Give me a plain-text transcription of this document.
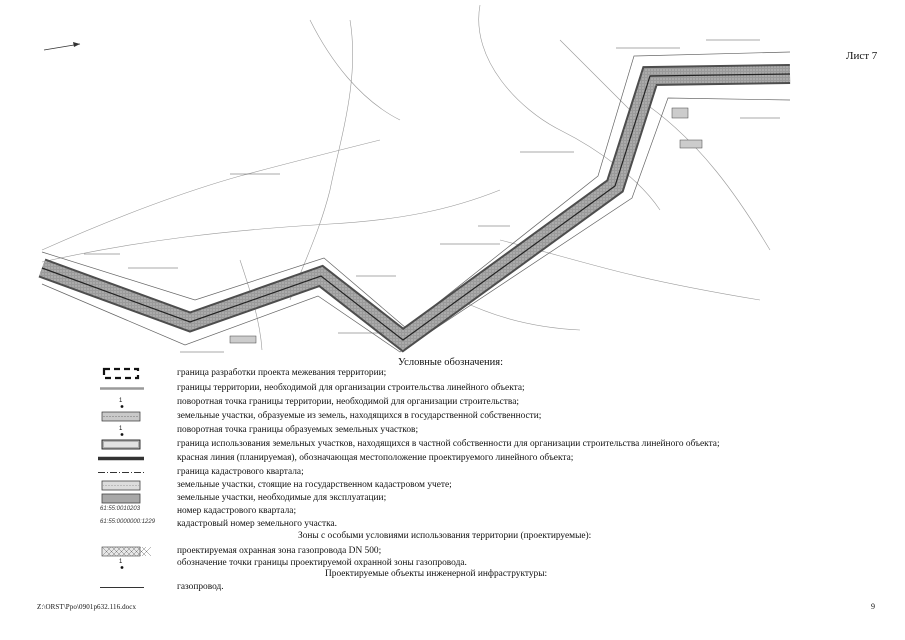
Лист 7
Условные обозначения:
граница разработки проекта межевания территории;
границы территории, необходимой для организации строительства линейного объекта;
1	поворотная точка границы территории, необходимой для организации строительства;
земельные участки, образуемые из земель, находящихся в государственной собственности;
1	поворотная точка границы образуемых земельных участков;
граница использования земельных участков, находящихся в частной собственности для организации строительства линейного объекта;
красная линия (планируемая), обозначающая местоположение проектируемого линейного объекта;
граница кадастрового квартала;
земельные участки, стоящие на государственном кадастровом учете;
земельные участки, необходимые для эксплуатации;
61:55:0010203	номер кадастрового квартала;
61:55:0000000:1229 кадастровый номер земельного участка.
Зоны с особыми условиями использования территории (проектируемые):
проектируемая охранная зона газопровода DN 500;
1	обозначение точки границы проектируемой охранной зоны газопровода.
Проектируемые объекты инженерной инфраструктуры:
газопровод.
Z:\ORST\Ppo\0901p632.116.docx	9
